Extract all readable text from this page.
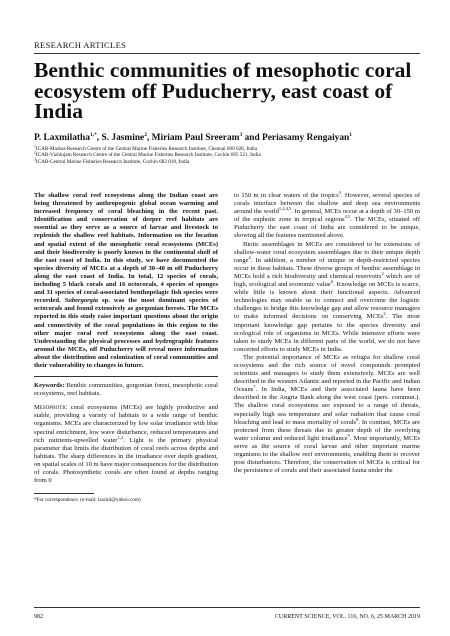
RESEARCH ARTICLES
Benthic communities of mesophotic coral ecosystem off Puducherry, east coast of India
P. Laxmilatha$^{1,*}$, S. Jasmine$^2$, Miriam Paul Sreeram$^3$ and Periasamy Rengaiyan$^1$
$^1$ICAR-Madras Research Centre of the Central Marine Fisheries Research Institute, Chennai 600 028, India
$^2$ICAR-Vizhinjam Research Centre of the Central Marine Fisheries Research Institute, Cochin 695 521, India
$^3$ICAR-Central Marine Fisheries Research Institute, Cochin 682 018, India

The shallow coral reef ecosystems along the Indian coast are being threatened by anthropogenic global ocean warming and increased frequency of coral bleaching in the recent past. Identification and conservation of deeper reef habitats are essential as they serve as a source of larvae and livestock to replenish the shallow reef habitats. Information on the location and spatial extent of the mesophotic coral ecosystems (MCEs) and their biodiversity is poorly known in the continental shelf of the east coast of India. In this study, we have documented the species diversity of MCEs at a depth of 30–40 m off Puducherry along the east coast of India. In total, 12 species of corals, including 5 black corals and 16 octocorals, 4 species of sponges and 31 species of coral-associated benthopelagic fish species were recorded. Subergorgia sp. was the most dominant species of octocorals and found extensively as gorgonian forests. The MCEs reported in this study raise important questions about the origin and connectivity of the coral populations in this region to the other major coral reef ecosystems along the east coast. Understanding the physical processes and hydrographic features around the MCEs, off Puducherry will reveal more information about the distribution and colonization of coral communities and their vulnerability to changes in future.

Keywords: Benthic communities, gorgonian forest, mesophotic coral ecosystems, reef habitats.

Mesophotic coral ecosystems (MCEs) are highly productive and stable, providing a variety of habitats to a wide range of benthic organisms. MCEs are characterized by low solar irradiance with blue spectral enrichment, low wave disturbance, reduced temperatures and rich nutrients-upwelled water$^{1,2}$. Light is the primary physical parameter that limits the distribution of coral reefs across depths and habitats. The sharp differences in the irradiance over depth gradient, on spatial scales of 10 m have major consequences for the distribution of corals. Photosynthetic corals are often found at depths ranging from 0

*For correspondence. (e-mail: laxmil@yahoo.com)

to 150 m in clear waters of the tropics$^3$. However, several species of corals interface between the shallow and deep sea environments around the world$^{1,2,4,5}$. In general, MCEs occur at a depth of 30–150 m of the euphotic zone in tropical regions$^{4,5}$. The MCEs, situated off Puducherry the east coast of India are considered to be unique, showing all the features mentioned above.

Biotic assemblages in MCEs are considered to be extensions of shallow-water coral ecosystem assemblages due to their unique depth range$^4$. In addition, a number of unique or depth-restricted species occur in these habitats. These diverse groups of benthic assemblage in MCEs hold a rich biodiversity and chemical reservoirs$^2$ which are of high, ecological and economic value$^6$. Knowledge on MCEs is scarce, while little is known about their functional aspects. Advanced technologies may enable us to connect and overcome the logistic challenges to bridge this knowledge gap and allow resource managers to make informed decisions on conserving MCEs$^2$. The most important knowledge gap pertains to the species diversity and ecological role of organisms in MCEs. While intensive efforts were taken to study MCEs in different parts of the world, we do not have concerted efforts to study MCEs in India.

The potential importance of MCEs as refugia for shallow coral ecosystems and the rich source of novel compounds prompted scientists and managers to study them extensively. MCEs are well described in the western Atlantic and reported in the Pacific and Indian Oceans$^7$. In India, MCEs and their associated fauna have been described in the Angria Bank along the west coast (pers. commun.). The shallow coral ecosystems are exposed to a range of threats, especially high sea temperature and solar radiation that cause coral bleaching and lead to mass mortality of corals$^8$. In contrast, MCEs are protected from these threats due to greater depth of the overlying water column and reduced light irradiance$^9$. Most importantly, MCEs serve as the source of coral larvae and other important marine organisms to the shallow reef environments, enabling them to recover post disturbances. Therefore, the conservation of MCEs is critical for the persistence of corals and their associated fauna under the

982	CURRENT SCIENCE, VOL. 116, NO. 6, 25 MARCH 2019
